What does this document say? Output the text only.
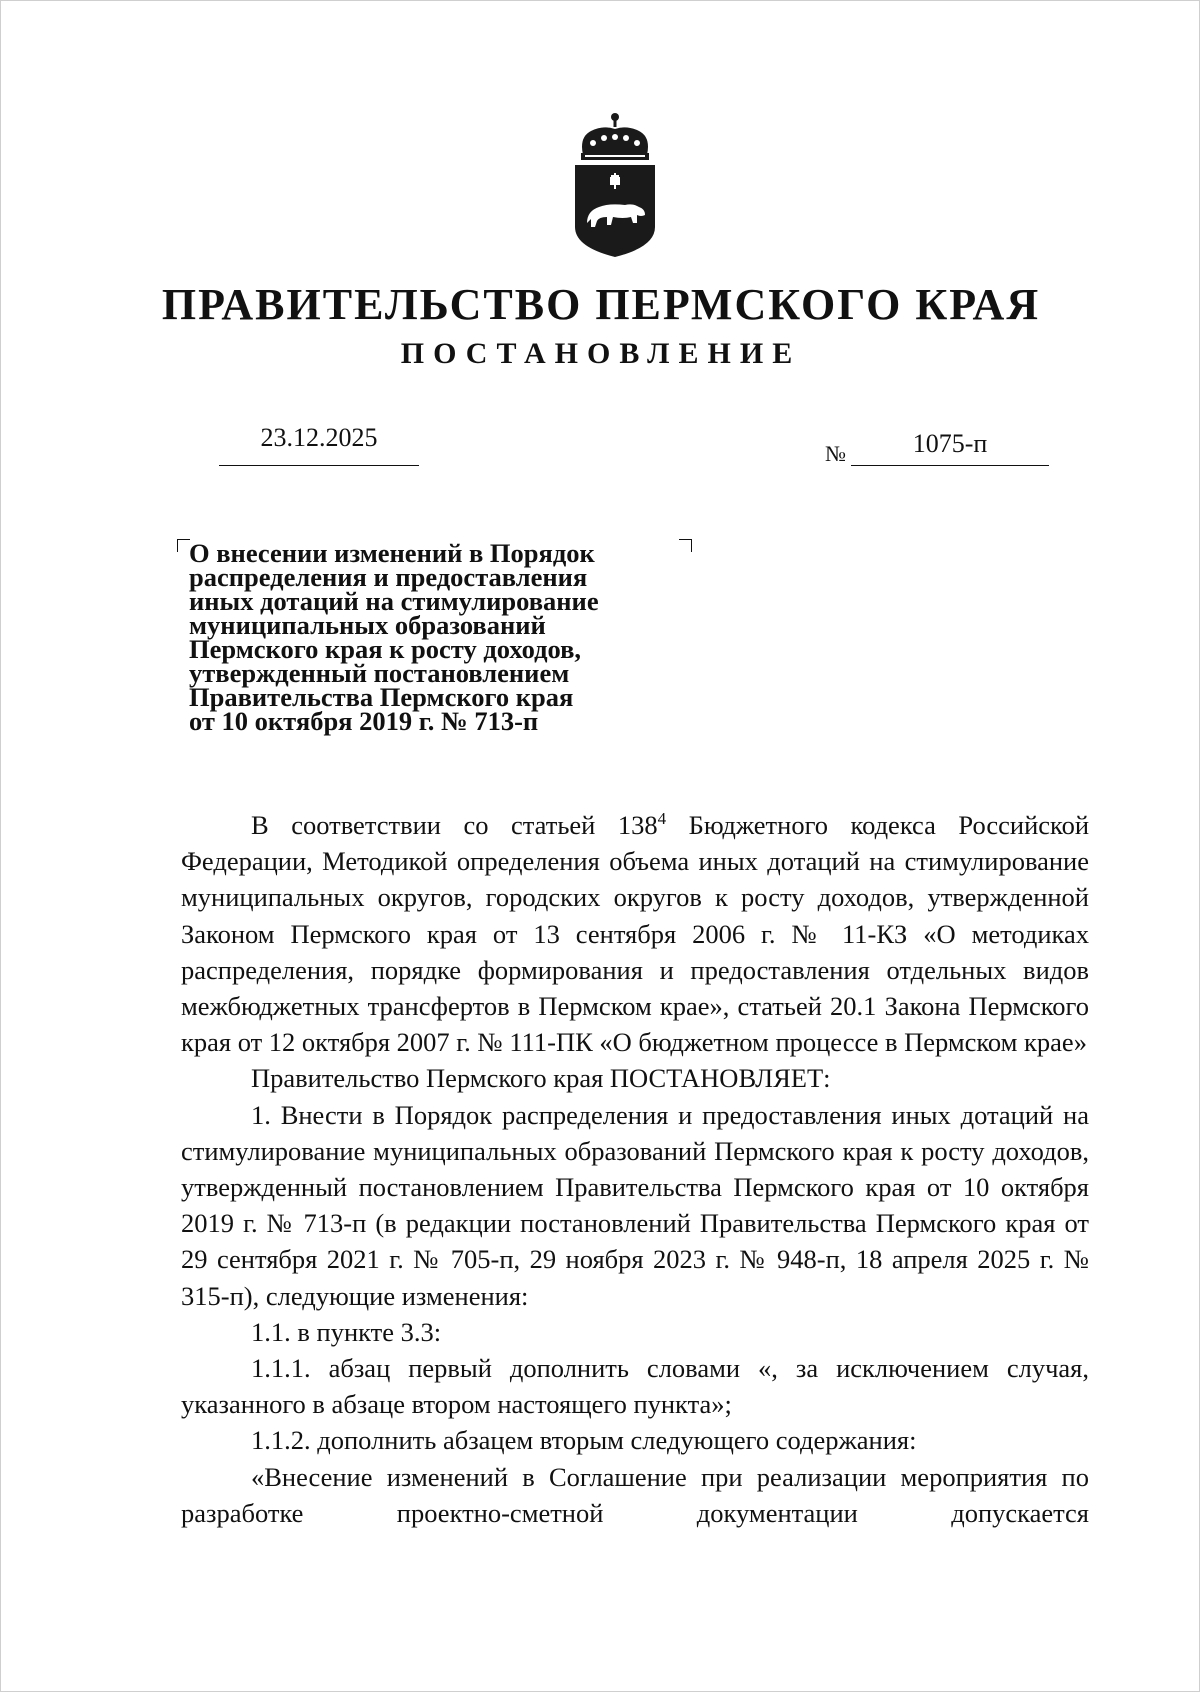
ПРАВИТЕЛЬСТВО ПЕРМСКОГО КРАЯ
ПОСТАНОВЛЕНИЕ
23.12.2025
№	1075-п
О внесении изменений в Порядок
распределения и предоставления
иных дотаций на стимулирование
муниципальных образований
Пермского края к росту доходов,
утвержденный постановлением
Правительства Пермского края
от 10 октября 2019 г. № 713-п

В соответствии со статьей $138^4$ Бюджетного кодекса Российской Федерации, Методикой определения объема иных дотаций на стимулирование муниципальных округов, городских округов к росту доходов, утвержденной Законом Пермского края от 13 сентября 2006 г. № 11-КЗ «О методиках распределения, порядке формирования и предоставления отдельных видов межбюджетных трансфертов в Пермском крае», статьей 20.1 Закона Пермского края от 12 октября 2007 г. № 111-ПК «О бюджетном процессе в Пермском крае»

Правительство Пермского края ПОСТАНОВЛЯЕТ:

1. Внести в Порядок распределения и предоставления иных дотаций на стимулирование муниципальных образований Пермского края к росту доходов, утвержденный постановлением Правительства Пермского края от 10 октября 2019 г. № 713-п (в редакции постановлений Правительства Пермского края от 29 сентября 2021 г. № 705-п, 29 ноября 2023 г. № 948-п, 18 апреля 2025 г. № 315-п), следующие изменения:

1.1. в пункте 3.3:

1.1.1. абзац первый дополнить словами «, за исключением случая, указанного в абзаце втором настоящего пункта»;

1.1.2. дополнить абзацем вторым следующего содержания:

«Внесение изменений в Соглашение при реализации мероприятия по разработке проектно-сметной документации допускается
